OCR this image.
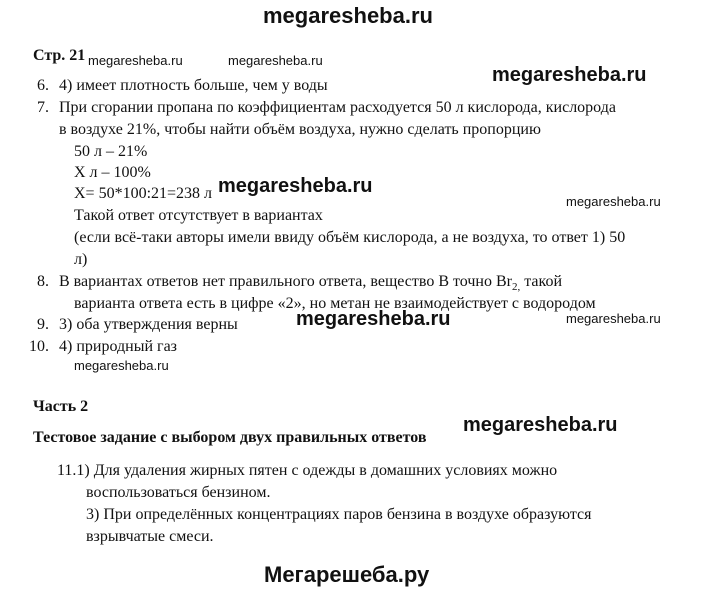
megaresheba.ru
megaresheba.ru	megaresheba.ru
megaresheba.ru
megaresheba.ru
megaresheba.ru
megaresheba.ru	megaresheba.ru
megaresheba.ru
megaresheba.ru
Мегарешеба.ру
Стр. 21
6. 4) имеет плотность больше, чем у воды
7. При сгорании пропана по коэффициентам расходуется 50 л кислорода, кислорода
в воздухе 21%, чтобы найти объём воздуха, нужно сделать пропорцию
50 л – 21%
Х л – 100%
Х= 50*100:21=238 л
Такой ответ отсутствует в вариантах
(если всё-таки авторы имели ввиду объём кислорода, а не воздуха, то ответ 1) 50
л)
8. В вариантах ответов нет правильного ответа, вещество В точно $Br_{2,}$ такой
варианта ответа есть в цифре «2», но метан не взаимодействует с водородом
9. 3) оба утверждения верны
10. 4) природный газ
Часть 2
Тестовое задание с выбором двух правильных ответов
11.1) Для удаления жирных пятен с одежды в домашних условиях можно
воспользоваться бензином.
3) При определённых концентрациях паров бензина в воздухе образуются
взрывчатые смеси.
